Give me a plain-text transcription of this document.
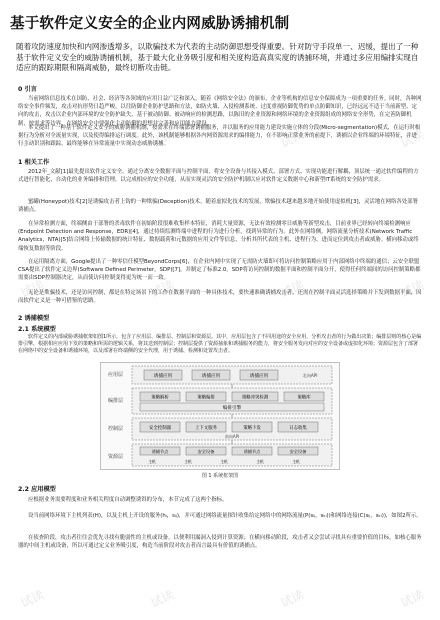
试读	试读	试读	试读
试读	试读	试读	试读
试读	试读	试读	试读
基于软件定义安全的企业内网威胁诱捕机制
随着攻防速度加快和内网渗透增多，以欺骗技术为代表的主动防御思想受得重要。针对防守手段单一、迟缓，提出了一种基于软件定义安全的威胁诱捕机制，基于最大化业务吸引度和相关度构造高真实度的诱捕环境，并通过多应用编排实现自适应的跟踪期限和隔离威胁，最终切断攻击链。
0 引言
当前网络信息技术在国防、社会、经济等各领域的应用日益广泛和深入，随着《网络安全法》的颁布，企业等机构的信息安全保障成为一项重要的任务。同时，各种网络安全事件频发，攻击对抗形势日趋严峻。以往防御企业防护思路和方法，如防火墙、入侵检测系统、过度重视防御优势的单点防御知识，已经远远不适于当前新型、定向的攻击，攻击以企业内部环境的安全防护缺失、基于被动防御、被动响应的检测思路，以陈旧的企业资源和网络环境的企业资源组成的网络安全形势，在完善防御机制，按需求等边界，在网络安全中要强化主动防御的思想并完善和应用能力建设。
本文提出了一种基于软件定义安全的威胁诱捕机制，按需求在终端部署诱捕服务，并以服务的应用能力建设实施立体的分段(Micro-segmentation)模式，在运行时根据行为分析对全流量实现，以及使得编排运行调度。此外，该机制能够根据各内网资源需求的编排能力，在不影响正常业务的前提下，诱捕以企业终端的环境特征，并进行主动识别和跟踪，最终能够在异常流量中实现动态威胁诱捕。
1 相关工作
2012年_文献[1]最先提出软件定义安全，通过分离安全数据平面与控制平面，将安全设备与其接入模式、部署方式、实现功能进行解耦，顶层统一通过软件编程的方式进行智能化、自动化的业务编排和管理，以完成相应的安全功能，从而实现灵活的安全防护机制以应对软件定义数据中心和新型IT系统的安全防护需求。
蜜罐(Honeypot)技术[2]是诱骗攻击者上钩的一种欺骗(Deception)技术，随着虚拟化技术的发展，欺骗技术越来越多地开始使用虚拟机[3]，灵活地在网络各处部署诱捕点。
在异常检测方面，终端侧由于部署的杀毒软件在初始阶段很难收集样本特征，消耗大量资源，无法有效检测零日威胁等新型攻击，目前业界已经转向终端检测响应(Endpoint Detection and Response，EDR)[4]，通过持续监测终端中进程的行为进行分析，找到异常的行为。此外在网络侧，网络流量分析技术(Network Traffic Analytics，NTA)[5]结合网络上传输数据的统计特征、数据载荷和元数据的应用文件等信息，分析其所代表的主机、进程行为，进而定位到攻击者或威胁。横向移动或终端恢复数据等阶段。
在运用隔离方面，Google提出了一种零信任模型BeyondCorps[6]，在企业内网中实现了无需防火墙即可将访问控制策略应用于内部网络中终端的通信；云安全联盟CSA提出了软件定义边界(Software Defined Perimeter，SDP)[7]，并制定了标准2.0。SDP将访问控制的数据平面和控制平面分开，使得任何终端间的访问控制策略都需要由SDP控制器决定，从而使访问控制变得更为统一而一致。
无论是欺骗技术，还是访问控制，都是在特定场景下的工作在数据平面的一种具体技术，要快速准确诱捕攻击者，还需在控制平面灵活选择策略并下发到数据平面，因而软件定义是一种可借鉴的思路。
2 诱捕模型
2.1 系统模型
软件定义的内部威胁诱捕框架如图1所示，包含了应用层、编排层、控制层和资源层。其中，应用层包含了不同用途的安全应用，分析攻击者的行为做出决策；编排层则的核心是编排引擎，根据相应应用下发的策略和所需的逻辑关系，将其送到控制层；控制层提供了资源抽象和诱捕服务的能力，将安全服务发向对应的安全设备或虚拟化环境；资源层包含了部署在网络中的安全设备和诱捕环境，以及部署在终端侧的安全代理，用于诱捕、检测和处置攻击者。
应用层
编排层
控制层
资源层
诱捕应用	诱捕应用	诱捕应用	北向API
策略解析	策略编排	策略冲突检测	策略库
编排引擎
安全控制器	上下文服务	策略下发	日志收集
南向API
诱捕节点	安全设备	诱捕节点	安全设备
主机	主机	主机	主机	主机
图 1 系统框架图
2.2 应用模型
应根据业务需要程度和业务相关程度自动调整诱饵的分布，本节完成了这两个指标。
设当前网络环境下主机列表(H)，以及主机上开设的服务(hᵢ，sᵢⱼ)，并可通过网络流量探针收集给定网络中的网络流量(P(sᵢⱼ，sₖₗ))和网络连接(C(sᵢⱼ，sₖₗ))，如图2所示。
在侦查阶段，攻击者往往会优先寻找有脆弱性的主机或设备，以便利用漏洞入侵到计算资源；在横向移动阶段，攻击者又会尝试寻找具有重要价值的目标，如核心服务器的中间主机或设备，所以可通过定义业务吸引度，构造当前阶段对攻击者而言最具有价值的诱捕点。
